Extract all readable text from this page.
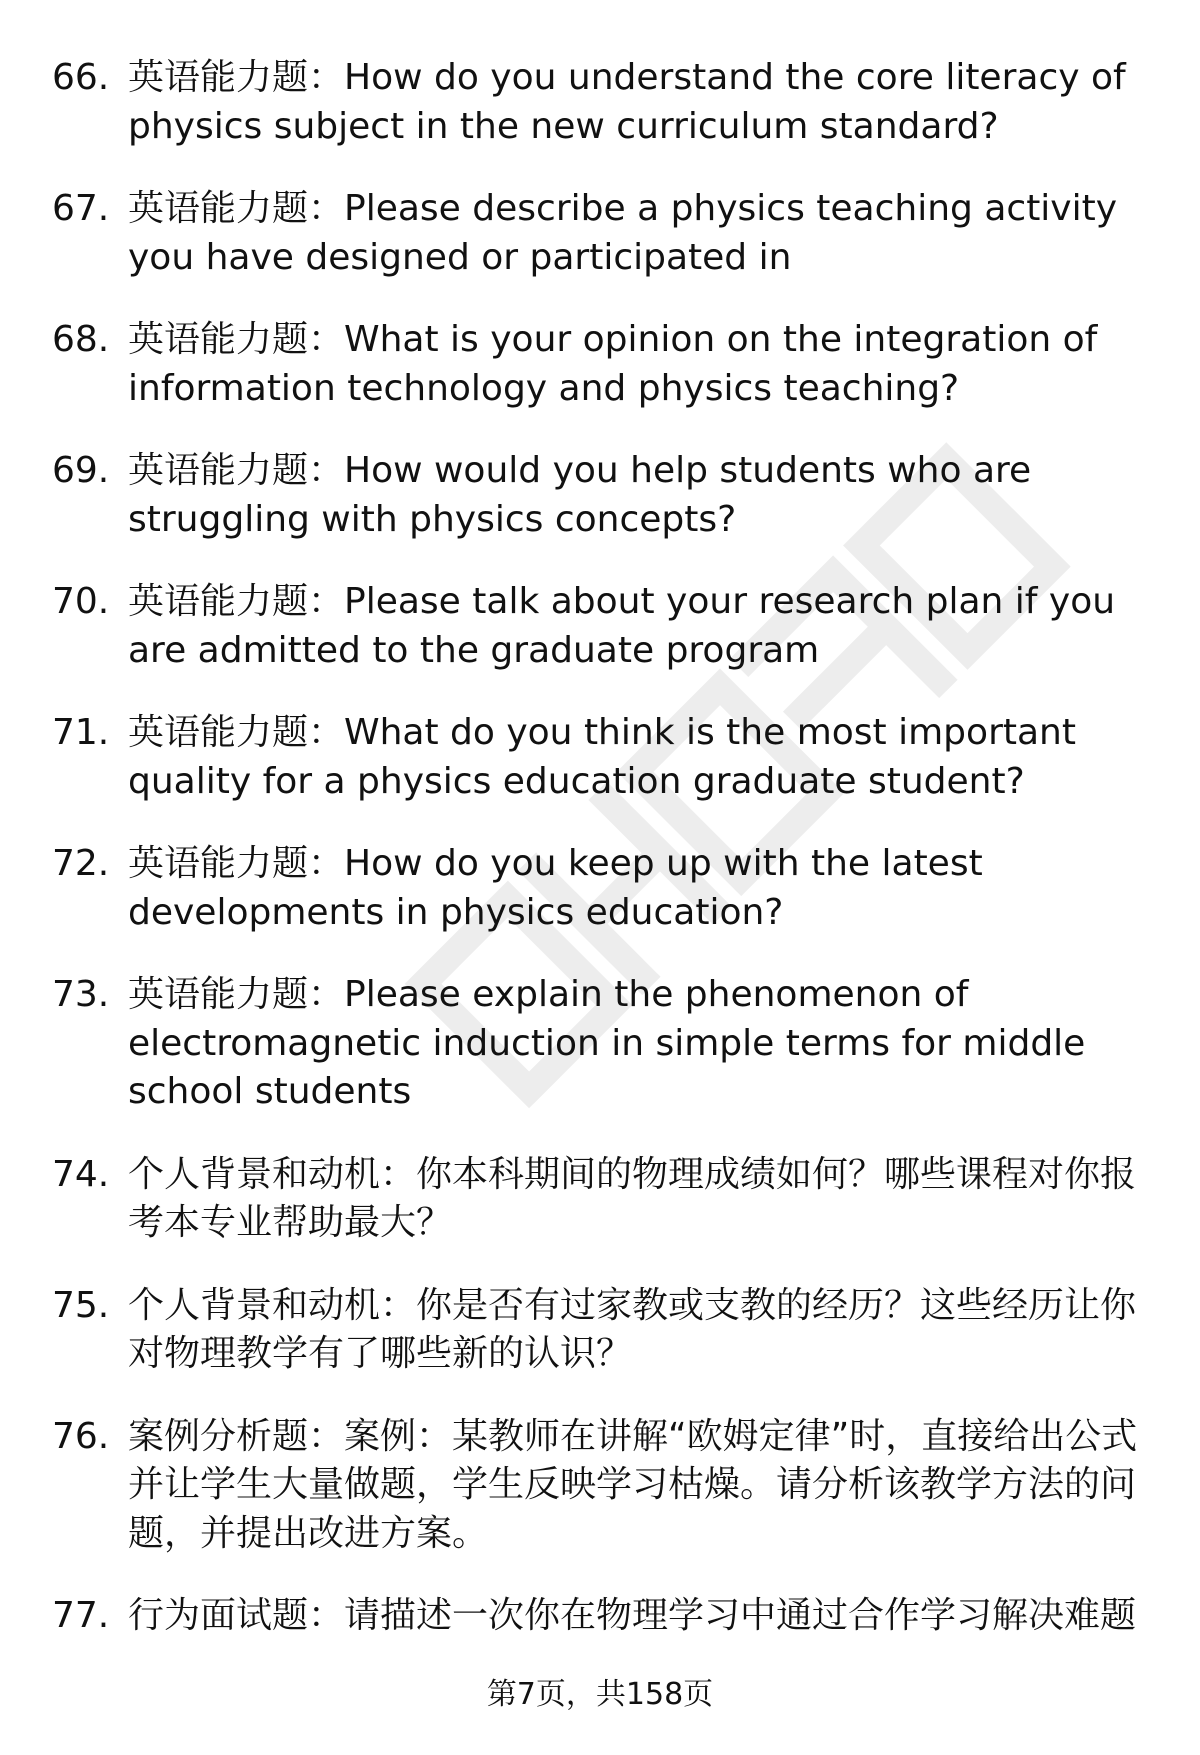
66. 英语能力题：How do you understand the core literacy of physics subject in the new curriculum standard?
67. 英语能力题：Please describe a physics teaching activity you have designed or participated in
68. 英语能力题：What is your opinion on the integration of information technology and physics teaching?
69. 英语能力题：How would you help students who are struggling with physics concepts?
70. 英语能力题：Please talk about your research plan if you are admitted to the graduate program
71. 英语能力题：What do you think is the most important quality for a physics education graduate student?
72. 英语能力题：How do you keep up with the latest developments in physics education?
73. 英语能力题：Please explain the phenomenon of electromagnetic induction in simple terms for middle school students
74. 个人背景和动机：你本科期间的物理成绩如何？哪些课程对你报考本专业帮助最大？
75. 个人背景和动机：你是否有过家教或支教的经历？这些经历让你对物理教学有了哪些新的认识？
76. 案例分析题：案例：某教师在讲解“欧姆定律”时，直接给出公式并让学生大量做题，学生反映学习枯燥。请分析该教学方法的问题，并提出改进方案。
77. 行为面试题：请描述一次你在物理学习中通过合作学习解决难题
第7页，共158页
